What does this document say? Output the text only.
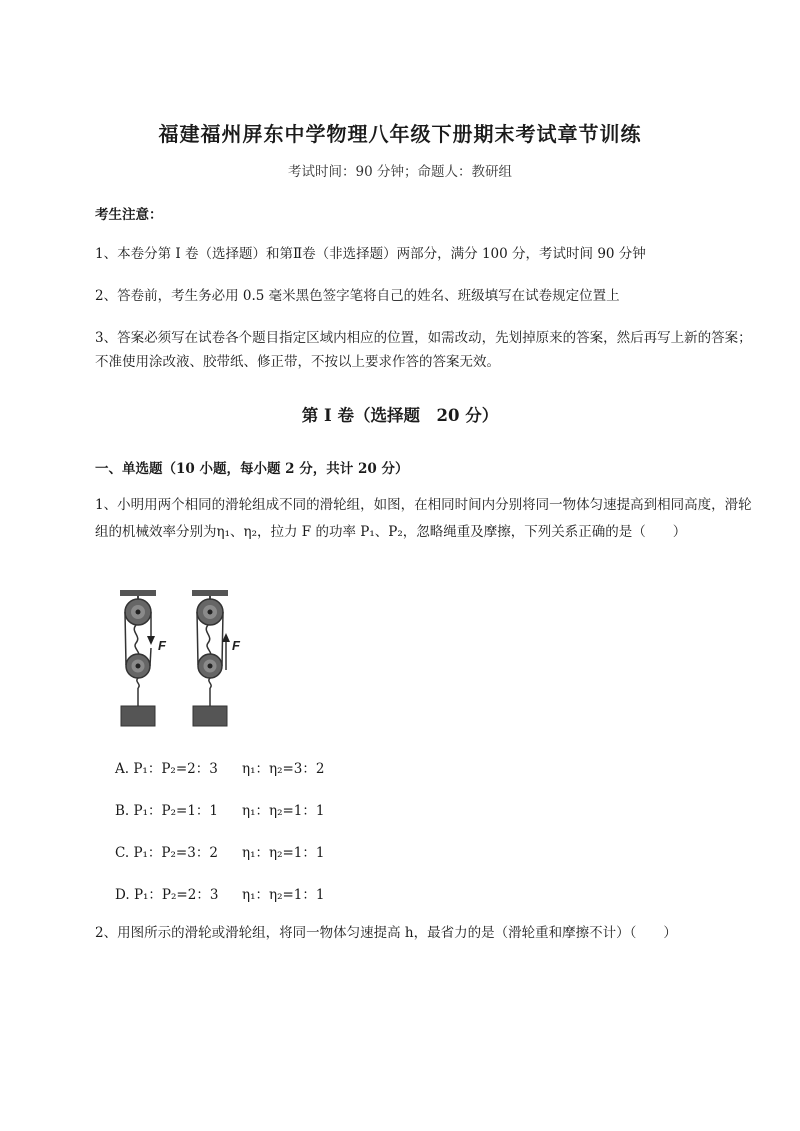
福建福州屏东中学物理八年级下册期末考试章节训练
考试时间：90 分钟；命题人：教研组
考生注意：
1、本卷分第 I 卷（选择题）和第Ⅱ卷（非选择题）两部分，满分 100 分，考试时间 90 分钟
2、答卷前，考生务必用 0.5 毫米黑色签字笔将自己的姓名、班级填写在试卷规定位置上
3、答案必须写在试卷各个题目指定区域内相应的位置，如需改动，先划掉原来的答案，然后再写上新的答案；不准使用涂改液、胶带纸、修正带，不按以上要求作答的答案无效。
第 I 卷（选择题　20 分）
一、单选题（10 小题，每小题 2 分，共计 20 分）
1、小明用两个相同的滑轮组成不同的滑轮组，如图，在相同时间内分别将同一物体匀速提高到相同高度，滑轮组的机械效率分别为η₁、η₂，拉力 F 的功率 P₁、P₂，忽略绳重及摩擦，下列关系正确的是（　　）
F	F
A. P₁：P₂=2：3 η₁：η₂=3：2
B. P₁：P₂=1：1 η₁：η₂=1：1
C. P₁：P₂=3：2 η₁：η₂=1：1
D. P₁：P₂=2：3 η₁：η₂=1：1
2、用图所示的滑轮或滑轮组，将同一物体匀速提高 h，最省力的是（滑轮重和摩擦不计）（　　）
